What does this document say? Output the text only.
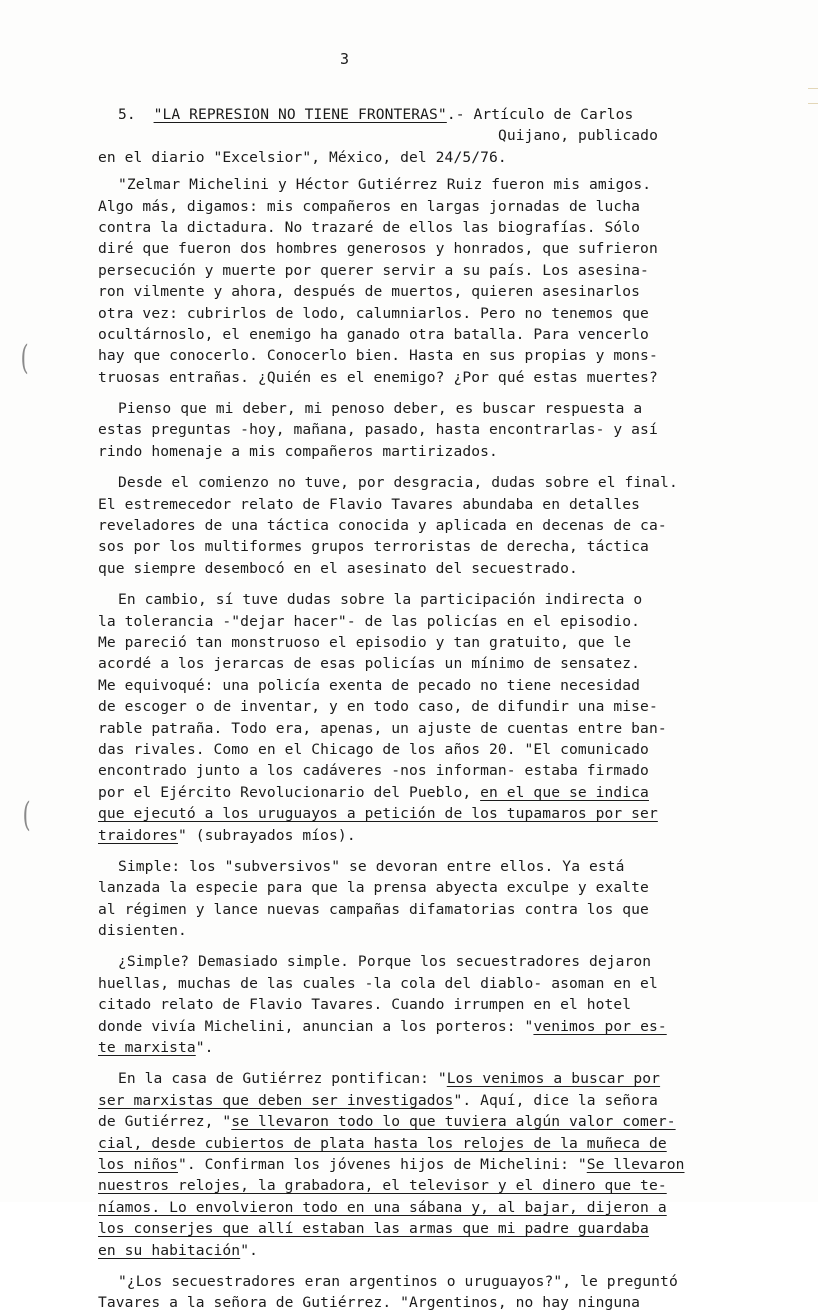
(
(
3
5. "LA REPRESION NO TIENE FRONTERAS".- Artículo de Carlos
Quijano, publicado
en el diario "Excelsior", México, del 24/5/76.
"Zelmar Michelini y Héctor Gutiérrez Ruiz fueron mis amigos.
Algo más, digamos: mis compañeros en largas jornadas de lucha
contra la dictadura. No trazaré de ellos las biografías. Sólo
diré que fueron dos hombres generosos y honrados, que sufrieron
persecución y muerte por querer servir a su país. Los asesina-
ron vilmente y ahora, después de muertos, quieren asesinarlos
otra vez: cubrirlos de lodo, calumniarlos. Pero no tenemos que
ocultárnoslo, el enemigo ha ganado otra batalla. Para vencerlo
hay que conocerlo. Conocerlo bien. Hasta en sus propias y mons-
truosas entrañas. ¿Quién es el enemigo? ¿Por qué estas muertes?
Pienso que mi deber, mi penoso deber, es buscar respuesta a
estas preguntas -hoy, mañana, pasado, hasta encontrarlas- y así
rindo homenaje a mis compañeros martirizados.
Desde el comienzo no tuve, por desgracia, dudas sobre el final.
El estremecedor relato de Flavio Tavares abundaba en detalles
reveladores de una táctica conocida y aplicada en decenas de ca-
sos por los multiformes grupos terroristas de derecha, táctica
que siempre desembocó en el asesinato del secuestrado.
En cambio, sí tuve dudas sobre la participación indirecta o
la tolerancia -"dejar hacer"- de las policías en el episodio.
Me pareció tan monstruoso el episodio y tan gratuito, que le
acordé a los jerarcas de esas policías un mínimo de sensatez.
Me equivoqué: una policía exenta de pecado no tiene necesidad
de escoger o de inventar, y en todo caso, de difundir una mise-
rable patraña. Todo era, apenas, un ajuste de cuentas entre ban-
das rivales. Como en el Chicago de los años 20. "El comunicado
encontrado junto a los cadáveres -nos informan- estaba firmado
por el Ejército Revolucionario del Pueblo, en el que se indica
que ejecutó a los uruguayos a petición de los tupamaros por ser
traidores" (subrayados míos).
Simple: los "subversivos" se devoran entre ellos. Ya está
lanzada la especie para que la prensa abyecta exculpe y exalte
al régimen y lance nuevas campañas difamatorias contra los que
disienten.
¿Simple? Demasiado simple. Porque los secuestradores dejaron
huellas, muchas de las cuales -la cola del diablo- asoman en el
citado relato de Flavio Tavares. Cuando irrumpen en el hotel
donde vivía Michelini, anuncian a los porteros: "venimos por es-
te marxista".
En la casa de Gutiérrez pontifican: "Los venimos a buscar por
ser marxistas que deben ser investigados". Aquí, dice la señora
de Gutiérrez, "se llevaron todo lo que tuviera algún valor comer-
cial, desde cubiertos de plata hasta los relojes de la muñeca de
los niños". Confirman los jóvenes hijos de Michelini: "Se llevaron
nuestros relojes, la grabadora, el televisor y el dinero que te-
níamos. Lo envolvieron todo en una sábana y, al bajar, dijeron a
los conserjes que allí estaban las armas que mi padre guardaba
en su habitación".
"¿Los secuestradores eran argentinos o uruguayos?", le preguntó
Tavares a la señora de Gutiérrez. "Argentinos, no hay ninguna
